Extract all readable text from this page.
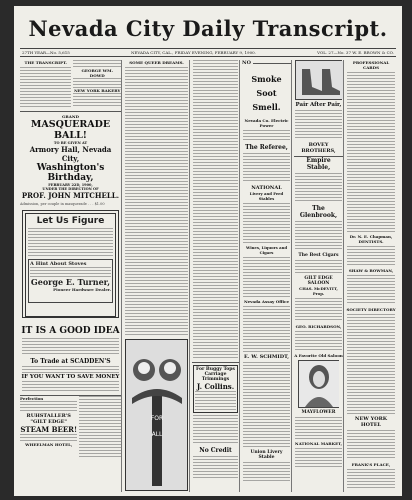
Nevada City Daily Transcript.
27TH YEAR—No. 5,615	NEVADA CITY, CAL., FRIDAY EVENING, FEBRUARY 9, 1900.	VOL. 27—No. 37 W. E. BROWN & CO.
THE TRANSCRIPT.
GEORGE WM. DOWD
NEW YORK BAKERY
GRAND
MASQUERADE BALL!
TO BE GIVEN AT
Armory Hall, Nevada City,
Washington's Birthday,
FEBRUARY 22D, 1900,
UNDER THE DIRECTION OF
PROF. JOHN MITCHELL.
Admission, per couple in masquerade . . . $1.00
Let Us Figure
A Hint About Stoves
George E. Turner,
Pioneer Hardware Dealer.
IT IS A GOOD IDEA
To Trade at SCADDEN'S
IF YOU WANT TO SAVE MONEY
Perfection
RUHSTALLER'S
"GILT EDGE"
STEAM BEER!
WHEELMAN HOTEL,
SOME QUEER DREAMS.
FOR
ALL
For Buggy Tops
Carriage Trimmings
J. Collins.
No Credit
NO
Smoke
Soot
Smell.
Nevada Co. Electric Power
The Referee,
NATIONAL
Livery and Feed Stables
Wines, Liquors and Cigars
Nevada Assay Office
E. W. SCHMIDT,
Union Livery Stable
Pair After Pair,
BOVEY BROTHERS,
Empire Stable,
The Glenbrook,
The Best Cigars
GILT EDGE SALOON
CHAS. McDEVITT, Prop.
GEO. RICHARDSON,
A Favorite Old Saloon
MAYFLOWER
NATIONAL MARKET,
PROFESSIONAL CARDS
Dr. N. E. Chapman,
DENTISTS.
SHAW & BOWMAN,
SOCIETY DIRECTORY
NEW YORK HOTEL
FRANK'S PLACE,
